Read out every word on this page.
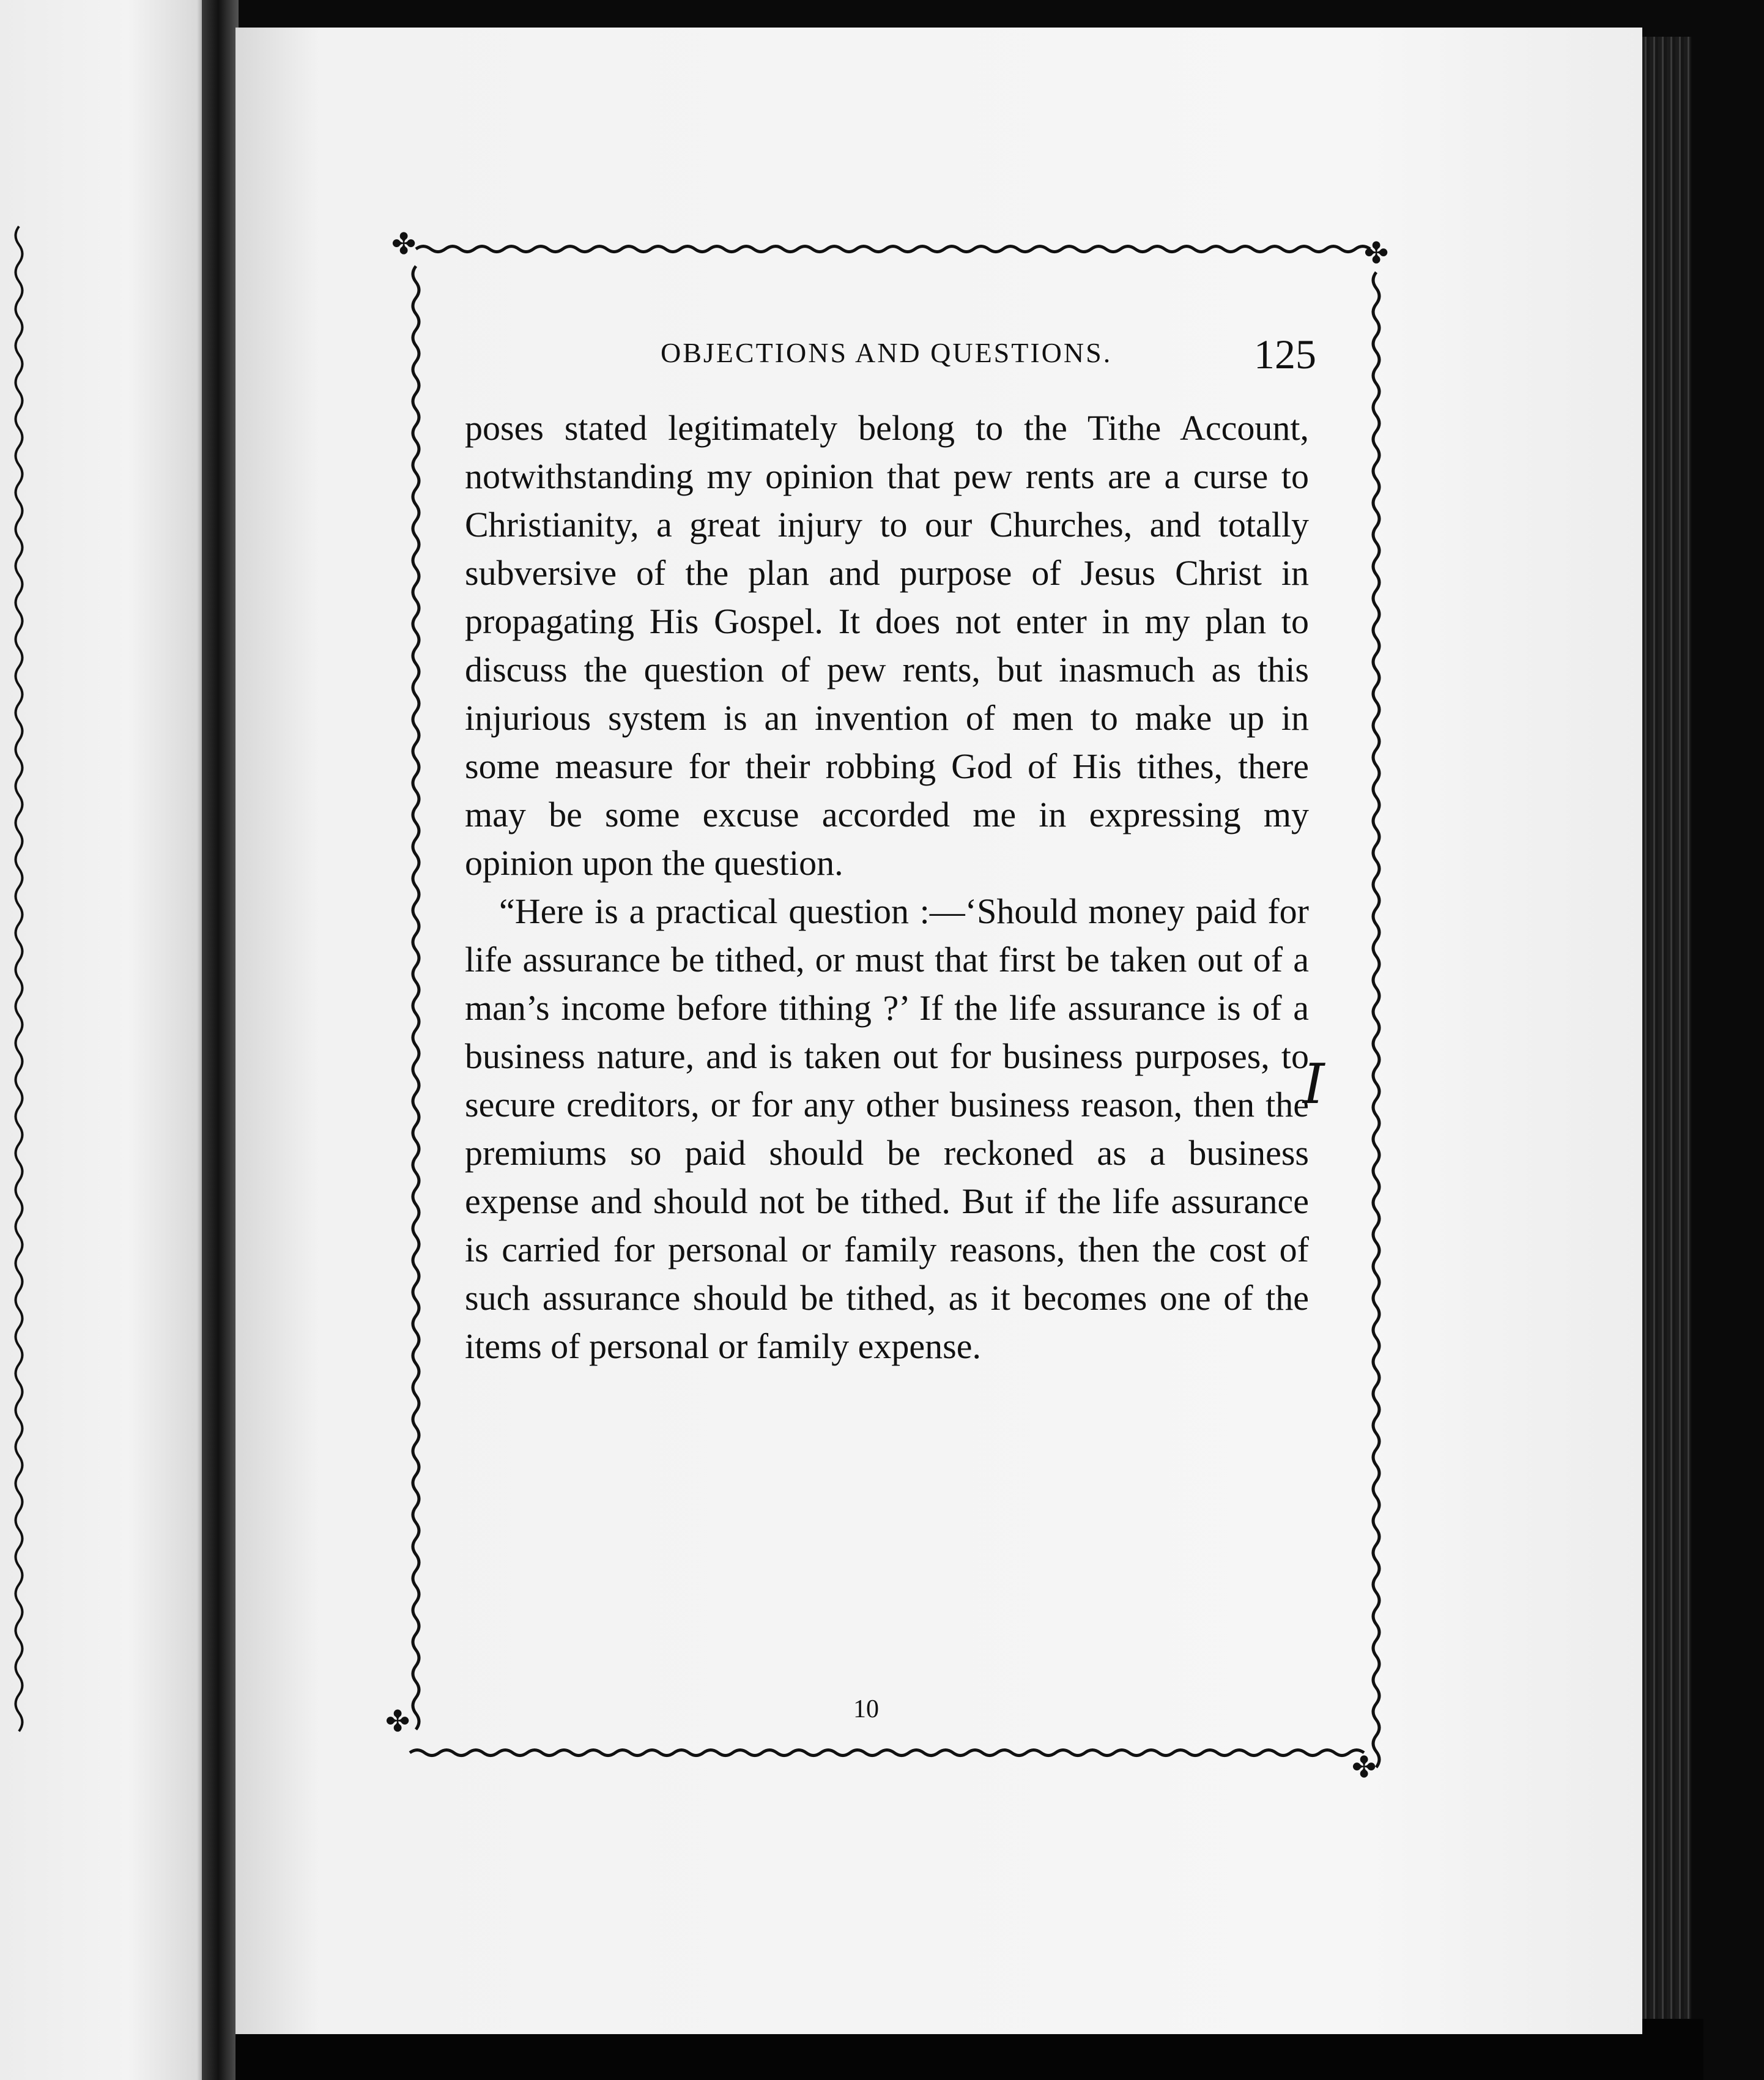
✤	✤
✤
✤
OBJECTIONS AND QUESTIONS.	125

poses stated legitimately belong to the Tithe Account, notwithstanding my opinion that pew rents are a curse to Christianity, a great injury to our Churches, and totally subversive of the plan and purpose of Jesus Christ in propagating His Gospel. It does not enter in my plan to discuss the question of pew rents, but inasmuch as this injurious system is an invention of men to make up in some measure for their robbing God of His tithes, there may be some excuse accorded me in expressing my opinion upon the question.

“Here is a practical question :—‘Should money paid for life assurance be tithed, or must that first be taken out of a man’s income before tithing ?’ If the life assurance is of a business nature, and is taken out for business purposes, to secure creditors, or for any other business reason, then the premiums so paid should be reckoned as a business expense and should not be tithed. But if the life assurance is carried for personal or family reasons, then the cost of such assurance should be tithed, as it becomes one of the items of personal or family expense.

I
10
